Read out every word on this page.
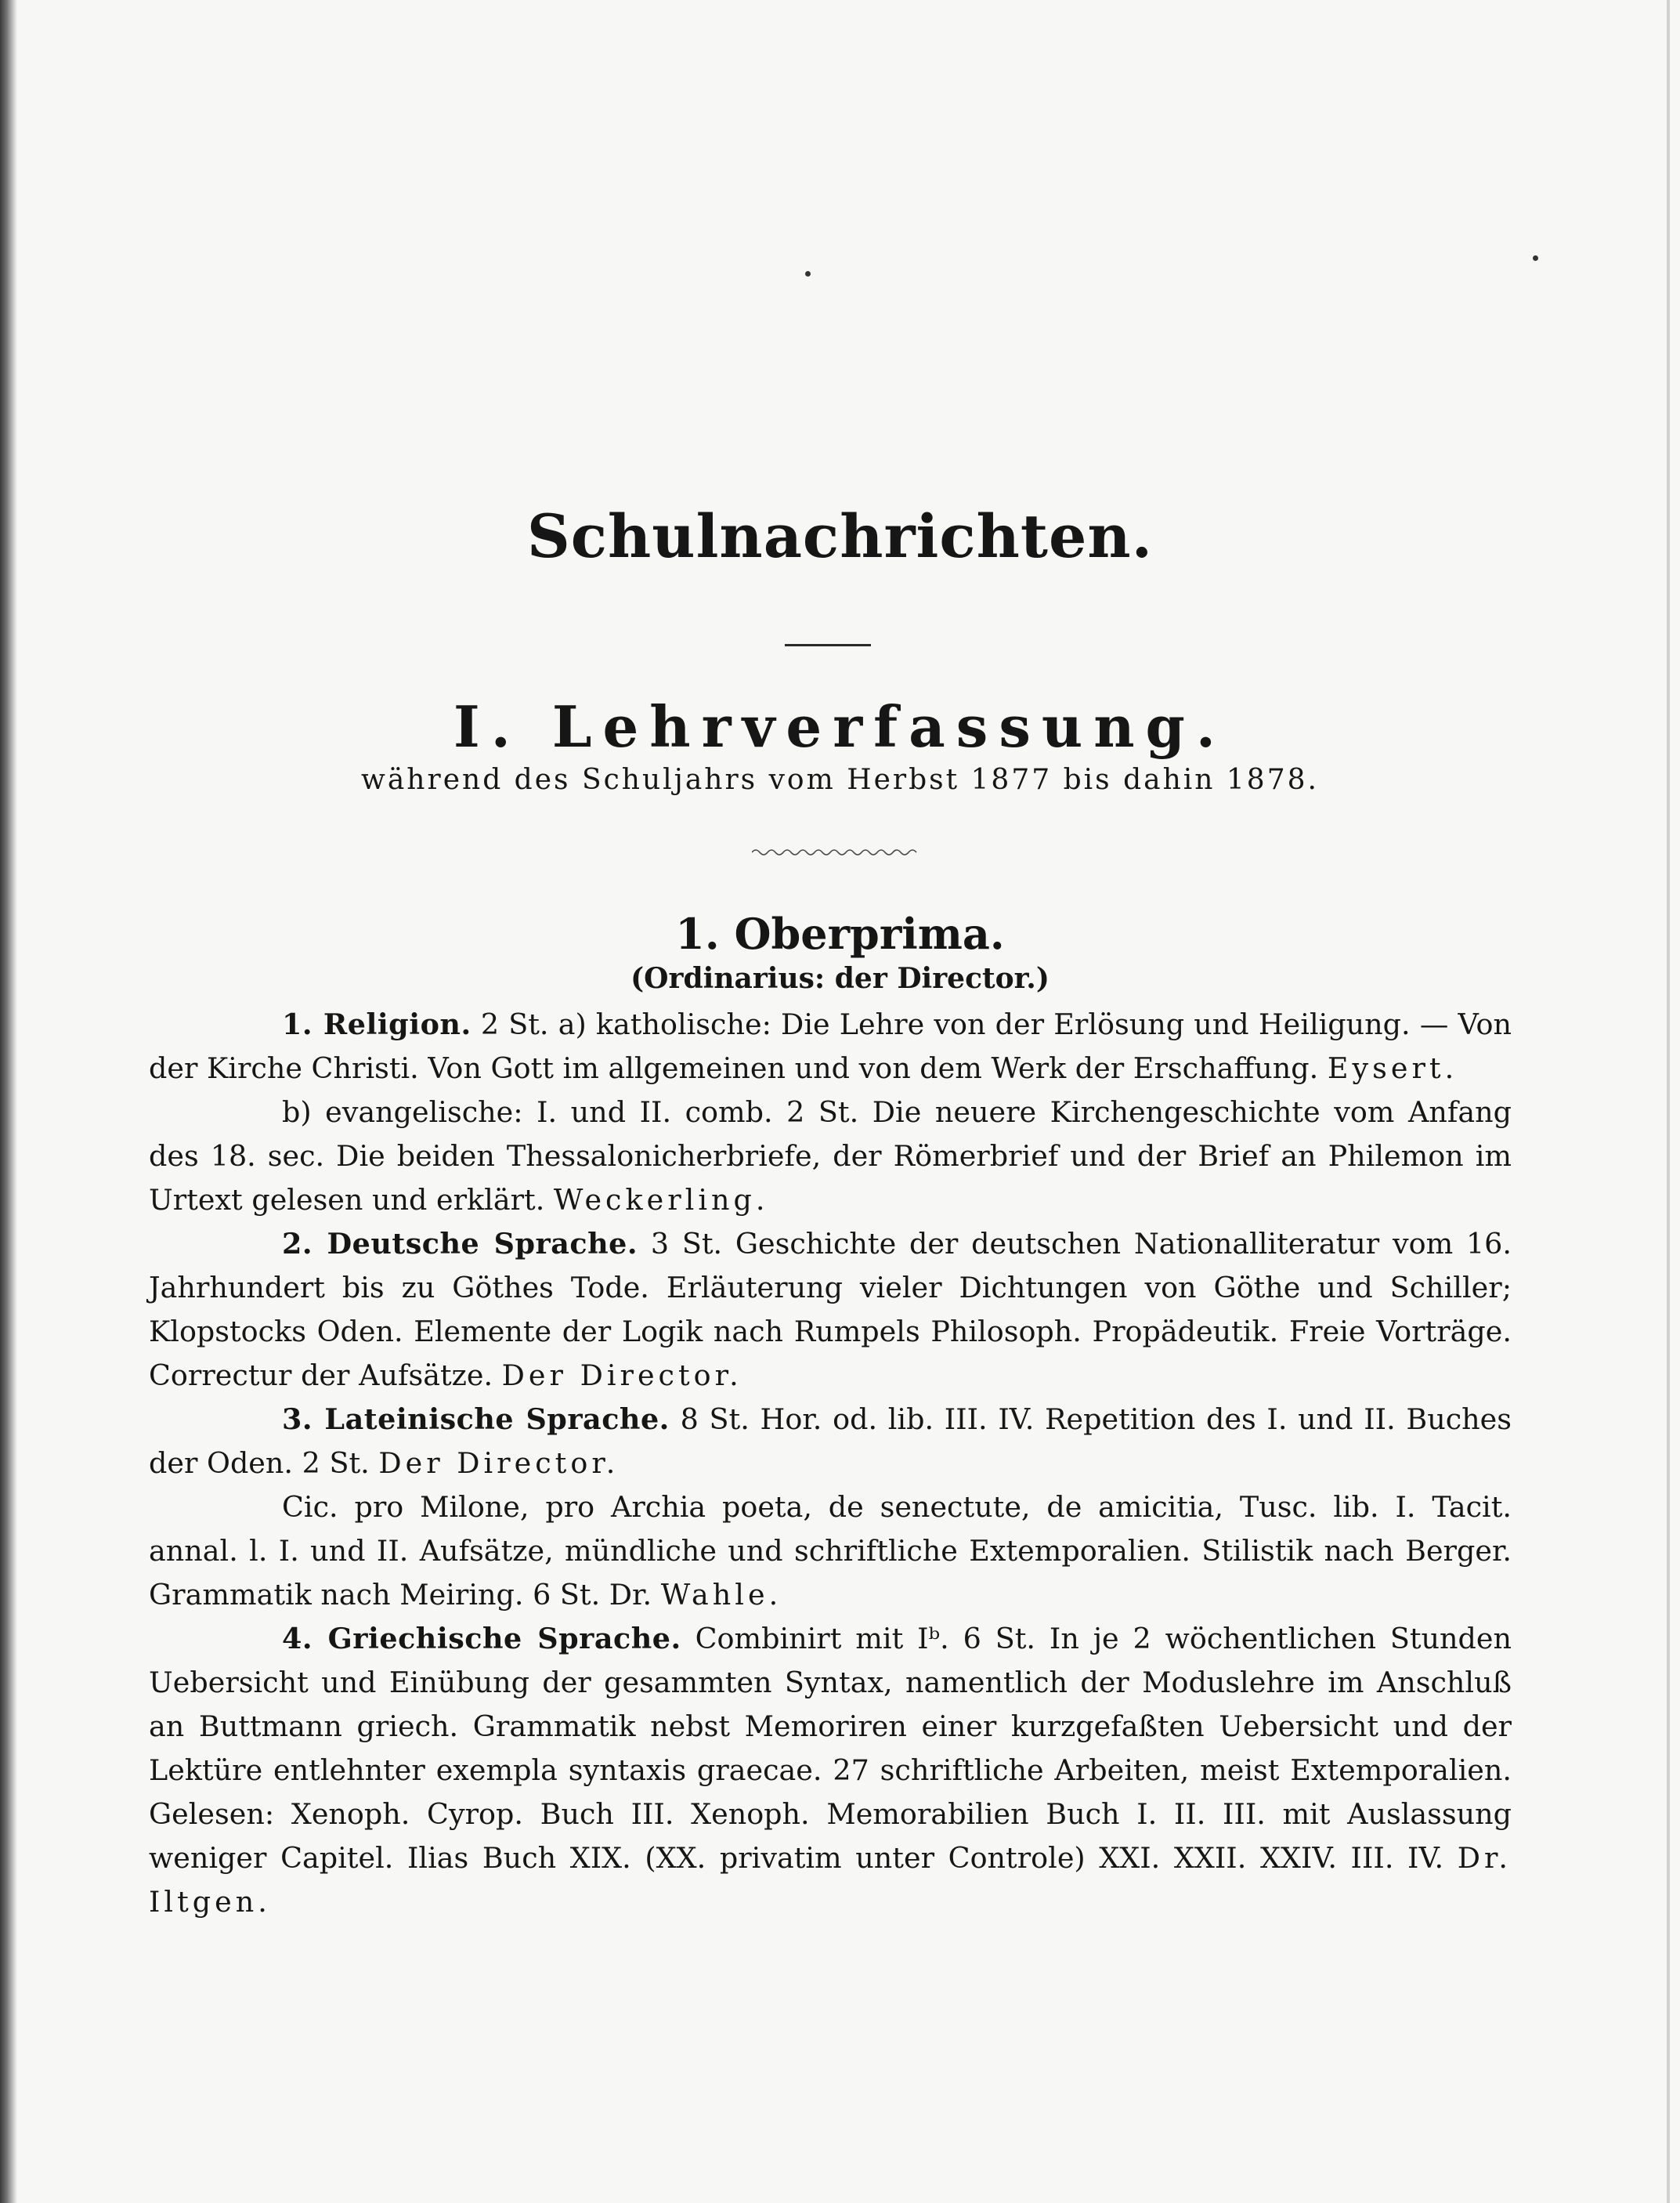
Schulnachrichten.
I. Lehrverfassung.

während des Schuljahrs vom Herbst 1877 bis dahin 1878.

1. Oberprima.

(Ordinarius: der Director.)

1. Religion. 2 St. a) katholische: Die Lehre von der Erlösung und Heiligung. — Von der Kirche Christi. Von Gott im allgemeinen und von dem Werk der Erschaffung. Eysert.

b) evangelische: I. und II. comb. 2 St. Die neuere Kirchengeschichte vom Anfang des 18. sec. Die beiden Thessalonicherbriefe, der Römerbrief und der Brief an Philemon im Urtext gelesen und erklärt. Weckerling.

2. Deutsche Sprache. 3 St. Geschichte der deutschen Nationalliteratur vom 16. Jahrhundert bis zu Göthes Tode. Erläuterung vieler Dichtungen von Göthe und Schiller; Klopstocks Oden. Elemente der Logik nach Rumpels Philosoph. Propädeutik. Freie Vorträge. Correctur der Aufsätze. Der Director.

3. Lateinische Sprache. 8 St. Hor. od. lib. III. IV. Repetition des I. und II. Buches der Oden. 2 St. Der Director.

Cic. pro Milone, pro Archia poeta, de senectute, de amicitia, Tusc. lib. I. Tacit. annal. l. I. und II. Aufsätze, mündliche und schriftliche Extemporalien. Stilistik nach Berger. Grammatik nach Meiring. 6 St. Dr. Wahle.

4. Griechische Sprache. Combinirt mit Iᵇ. 6 St. In je 2 wöchentlichen Stunden Uebersicht und Einübung der gesammten Syntax, namentlich der Moduslehre im Anschluß an Buttmann griech. Grammatik nebst Memoriren einer kurzgefaßten Uebersicht und der Lektüre entlehnter exempla syntaxis graecae. 27 schriftliche Arbeiten, meist Extemporalien. Gelesen: Xenoph. Cyrop. Buch III. Xenoph. Memorabilien Buch I. II. III. mit Auslassung weniger Capitel. Ilias Buch XIX. (XX. privatim unter Controle) XXI. XXII. XXIV. III. IV. Dr. Iltgen.
